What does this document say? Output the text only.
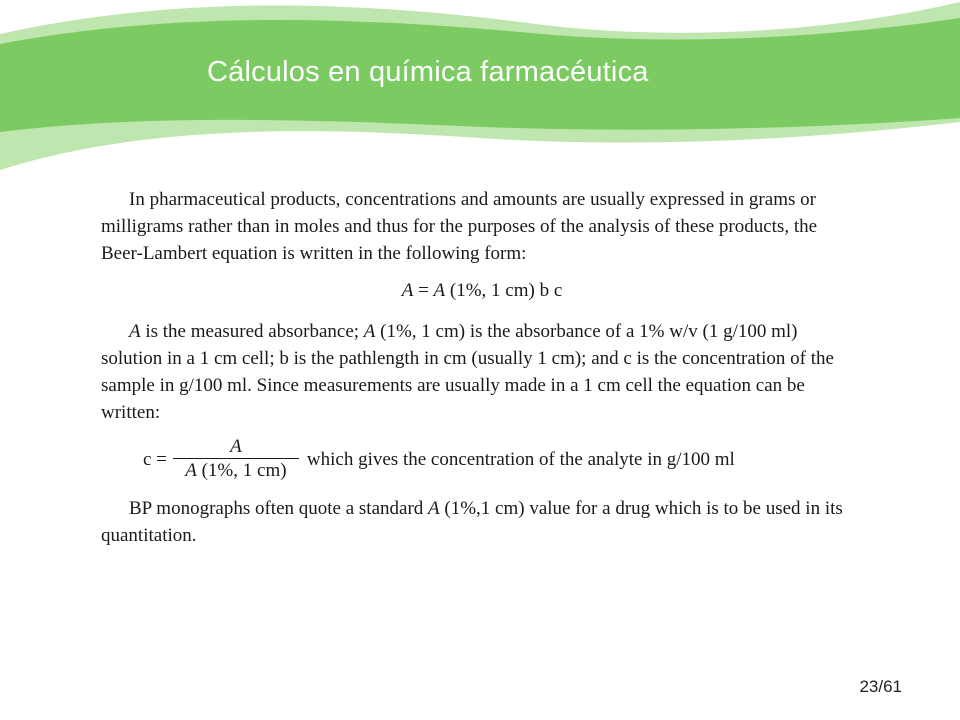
Cálculos en química farmacéutica

In pharmaceutical products, concentrations and amounts are usually expressed in grams or milligrams rather than in moles and thus for the purposes of the analysis of these products, the Beer-Lambert equation is written in the following form:

A = A (1%, 1 cm) b c

A is the measured absorbance; A (1%, 1 cm) is the absorbance of a 1% w/v (1 g/100 ml) solution in a 1 cm cell; b is the pathlength in cm (usually 1 cm); and c is the concentration of the sample in g/100 ml. Since measurements are usually made in a 1 cm cell the equation can be written:

$c = \frac{A}{A (1\%, 1 cm)}$ which gives the concentration of the analyte in g/100 ml

BP monographs often quote a standard A (1%,1 cm) value for a drug which is to be used in its quantitation.

23/61
